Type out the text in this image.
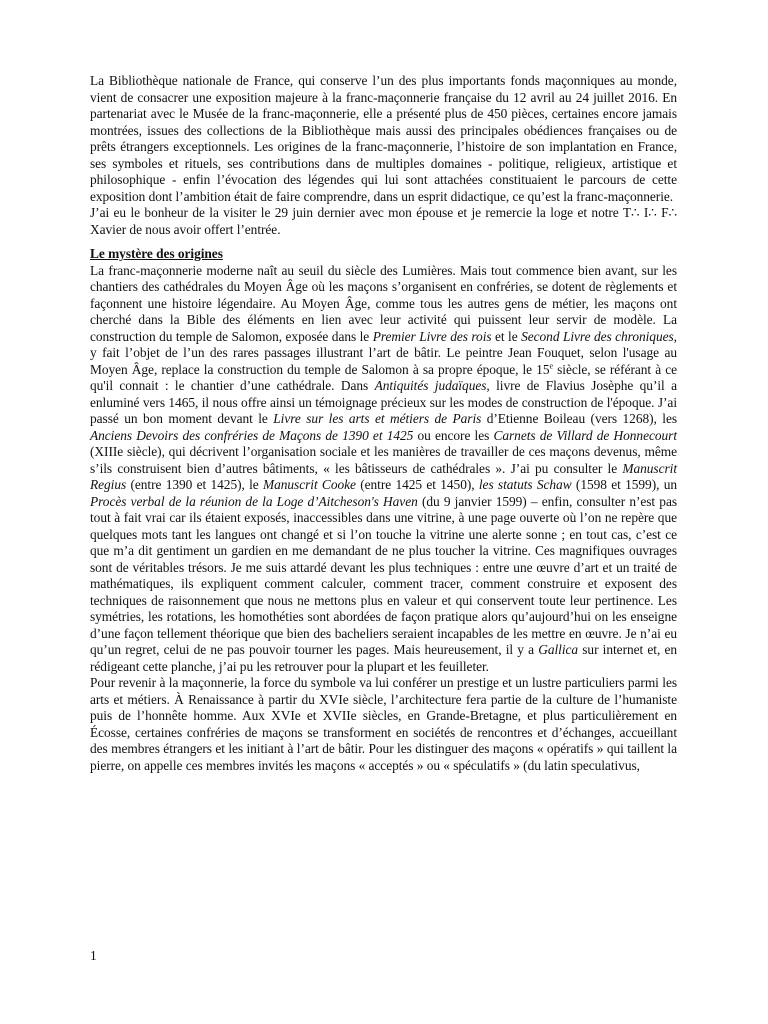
La Bibliothèque nationale de France, qui conserve l’un des plus importants fonds maçonniques au monde, vient de consacrer une exposition majeure à la franc-maçonnerie française du 12 avril au 24 juillet 2016. En partenariat avec le Musée de la franc-maçonnerie, elle a présenté plus de 450 pièces, certaines encore jamais montrées, issues des collections de la Bibliothèque mais aussi des principales obédiences françaises ou de prêts étrangers exceptionnels. Les origines de la franc-maçonnerie, l’histoire de son implantation en France, ses symboles et rituels, ses contributions dans de multiples domaines - politique, religieux, artistique et philosophique - enfin l’évocation des légendes qui lui sont attachées constituaient le parcours de cette exposition dont l’ambition était de faire comprendre, dans un esprit didactique, ce qu’est la franc-maçonnerie.

J’ai eu le bonheur de la visiter le 29 juin dernier avec mon épouse et je remercie la loge et notre T∴ I∴ F∴ Xavier de nous avoir offert l’entrée.

Le mystère des origines

La franc-maçonnerie moderne naît au seuil du siècle des Lumières. Mais tout commence bien avant, sur les chantiers des cathédrales du Moyen Âge où les maçons s’organisent en confréries, se dotent de règlements et façonnent une histoire légendaire. Au Moyen Âge, comme tous les autres gens de métier, les maçons ont cherché dans la Bible des éléments en lien avec leur activité qui puissent leur servir de modèle. La construction du temple de Salomon, exposée dans le Premier Livre des rois et le Second Livre des chroniques, y fait l’objet de l’un des rares passages illustrant l’art de bâtir. Le peintre Jean Fouquet, selon l'usage au Moyen Âge, replace la construction du temple de Salomon à sa propre époque, le 15e siècle, se référant à ce qu'il connait : le chantier d’une cathédrale. Dans Antiquités judaïques, livre de Flavius Josèphe qu’il a enluminé vers 1465, il nous offre ainsi un témoignage précieux sur les modes de construction de l'époque. J’ai passé un bon moment devant le Livre sur les arts et métiers de Paris d’Etienne Boileau (vers 1268), les Anciens Devoirs des confréries de Maçons de 1390 et 1425 ou encore les Carnets de Villard de Honnecourt (XIIIe siècle), qui décrivent l’organisation sociale et les manières de travailler de ces maçons devenus, même s’ils construisent bien d’autres bâtiments, « les bâtisseurs de cathédrales ». J’ai pu consulter le Manuscrit Regius (entre 1390 et 1425), le Manuscrit Cooke (entre 1425 et 1450), les statuts Schaw (1598 et 1599), un Procès verbal de la réunion de la Loge d’Aitcheson's Haven (du 9 janvier 1599) – enfin, consulter n’est pas tout à fait vrai car ils étaient exposés, inaccessibles dans une vitrine, à une page ouverte où l’on ne repère que quelques mots tant les langues ont changé et si l’on touche la vitrine une alerte sonne ; en tout cas, c’est ce que m’a dit gentiment un gardien en me demandant de ne plus toucher la vitrine. Ces magnifiques ouvrages sont de véritables trésors. Je me suis attardé devant les plus techniques : entre une œuvre d’art et un traité de mathématiques, ils expliquent comment calculer, comment tracer, comment construire et exposent des techniques de raisonnement que nous ne mettons plus en valeur et qui conservent toute leur pertinence. Les symétries, les rotations, les homothéties sont abordées de façon pratique alors qu’aujourd’hui on les enseigne d’une façon tellement théorique que bien des bacheliers seraient incapables de les mettre en œuvre. Je n’ai eu qu’un regret, celui de ne pas pouvoir tourner les pages. Mais heureusement, il y a Gallica sur internet et, en rédigeant cette planche, j’ai pu les retrouver pour la plupart et les feuilleter.

Pour revenir à la maçonnerie, la force du symbole va lui conférer un prestige et un lustre particuliers parmi les arts et métiers. À Renaissance à partir du XVIe siècle, l’architecture fera partie de la culture de l’humaniste puis de l’honnête homme. Aux XVIe et XVIIe siècles, en Grande-Bretagne, et plus particulièrement en Écosse, certaines confréries de maçons se transforment en sociétés de rencontres et d’échanges, accueillant des membres étrangers et les initiant à l’art de bâtir. Pour les distinguer des maçons « opératifs » qui taillent la pierre, on appelle ces membres invités les maçons « acceptés » ou « spéculatifs » (du latin speculativus,

1
